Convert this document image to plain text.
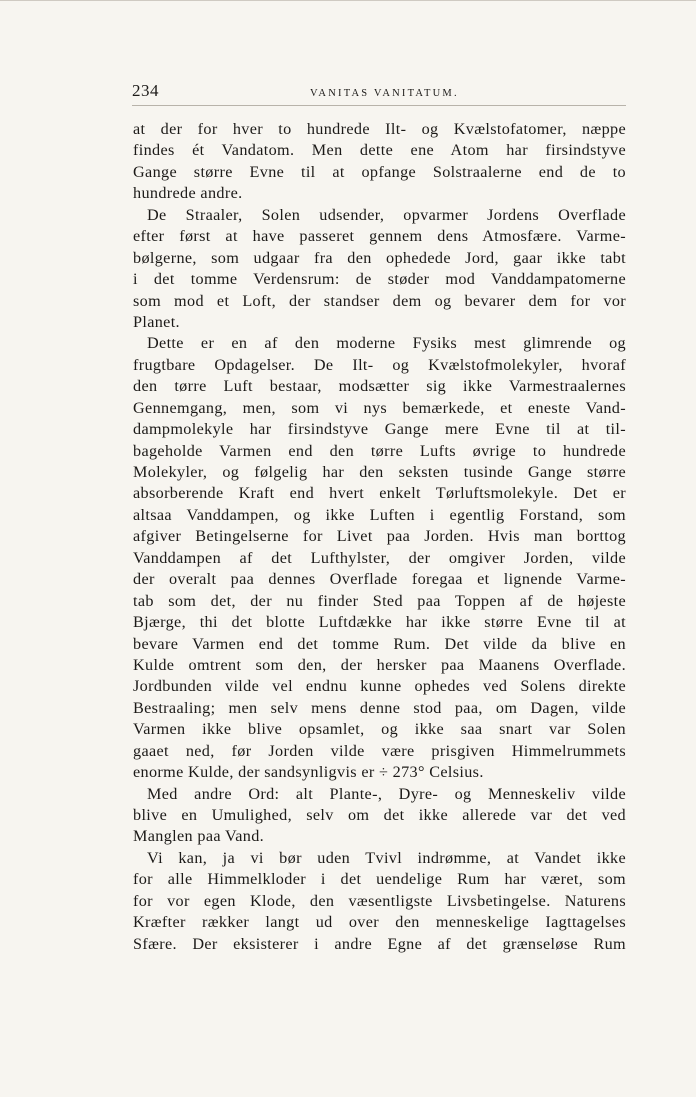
234	VANITAS VANITATUM.
at der for hver to hundrede Ilt- og Kvælstofatomer, næppe
findes ét Vandatom. Men dette ene Atom har firsindstyve
Gange større Evne til at opfange Solstraalerne end de to
hundrede andre.
De Straaler, Solen udsender, opvarmer Jordens Overflade
efter først at have passeret gennem dens Atmosfære. Varme-
bølgerne, som udgaar fra den ophedede Jord, gaar ikke tabt
i det tomme Verdensrum: de støder mod Vanddampatomerne
som mod et Loft, der standser dem og bevarer dem for vor
Planet.
Dette er en af den moderne Fysiks mest glimrende og
frugtbare Opdagelser. De Ilt- og Kvælstofmolekyler, hvoraf
den tørre Luft bestaar, modsætter sig ikke Varmestraalernes
Gennemgang, men, som vi nys bemærkede, et eneste Vand-
dampmolekyle har firsindstyve Gange mere Evne til at til-
bageholde Varmen end den tørre Lufts øvrige to hundrede
Molekyler, og følgelig har den seksten tusinde Gange større
absorberende Kraft end hvert enkelt Tørluftsmolekyle. Det er
altsaa Vanddampen, og ikke Luften i egentlig Forstand, som
afgiver Betingelserne for Livet paa Jorden. Hvis man borttog
Vanddampen af det Lufthylster, der omgiver Jorden, vilde
der overalt paa dennes Overflade foregaa et lignende Varme-
tab som det, der nu finder Sted paa Toppen af de højeste
Bjærge, thi det blotte Luftdække har ikke større Evne til at
bevare Varmen end det tomme Rum. Det vilde da blive en
Kulde omtrent som den, der hersker paa Maanens Overflade.
Jordbunden vilde vel endnu kunne ophedes ved Solens direkte
Bestraaling; men selv mens denne stod paa, om Dagen, vilde
Varmen ikke blive opsamlet, og ikke saa snart var Solen
gaaet ned, før Jorden vilde være prisgiven Himmelrummets
enorme Kulde, der sandsynligvis er ÷ 273° Celsius.
Med andre Ord: alt Plante-, Dyre- og Menneskeliv vilde
blive en Umulighed, selv om det ikke allerede var det ved
Manglen paa Vand.
Vi kan, ja vi bør uden Tvivl indrømme, at Vandet ikke
for alle Himmelkloder i det uendelige Rum har været, som
for vor egen Klode, den væsentligste Livsbetingelse. Naturens
Kræfter rækker langt ud over den menneskelige Iagttagelses
Sfære. Der eksisterer i andre Egne af det grænseløse Rum
